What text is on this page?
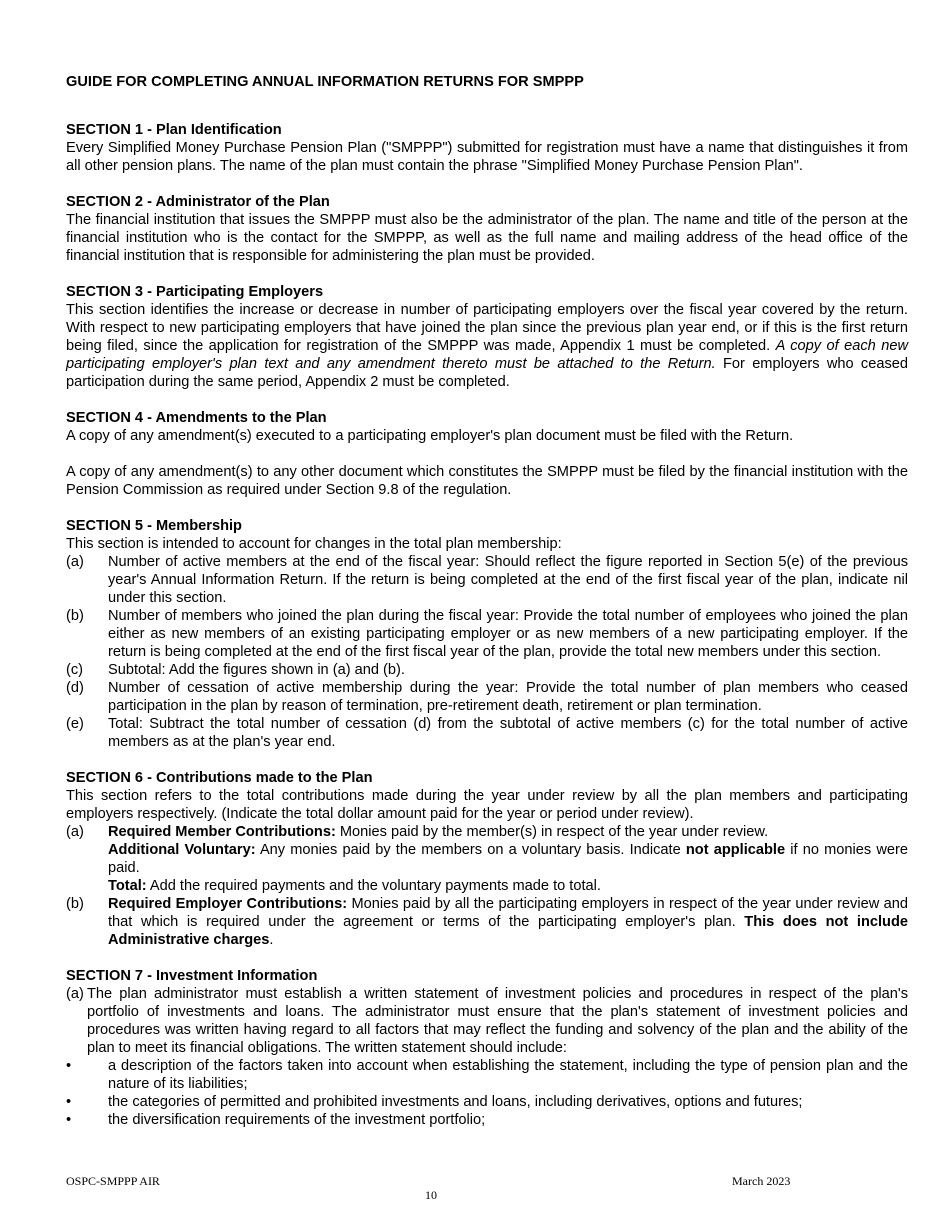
GUIDE FOR COMPLETING ANNUAL INFORMATION RETURNS FOR SMPPP
SECTION 1 - Plan Identification

Every Simplified Money Purchase Pension Plan ("SMPPP") submitted for registration must have a name that distinguishes it from all other pension plans. The name of the plan must contain the phrase "Simplified Money Purchase Pension Plan".

SECTION 2 - Administrator of the Plan

The financial institution that issues the SMPPP must also be the administrator of the plan. The name and title of the person at the financial institution who is the contact for the SMPPP, as well as the full name and mailing address of the head office of the financial institution that is responsible for administering the plan must be provided.

SECTION 3 - Participating Employers

This section identifies the increase or decrease in number of participating employers over the fiscal year covered by the return. With respect to new participating employers that have joined the plan since the previous plan year end, or if this is the first return being filed, since the application for registration of the SMPPP was made, Appendix 1 must be completed. A copy of each new participating employer's plan text and any amendment thereto must be attached to the Return. For employers who ceased participation during the same period, Appendix 2 must be completed.

SECTION 4 - Amendments to the Plan

A copy of any amendment(s) executed to a participating employer's plan document must be filed with the Return.

A copy of any amendment(s) to any other document which constitutes the SMPPP must be filed by the financial institution with the Pension Commission as required under Section 9.8 of the regulation.

SECTION 5 - Membership

This section is intended to account for changes in the total plan membership:

(a)	Number of active members at the end of the fiscal year: Should reflect the figure reported in Section 5(e) of the previous year's Annual Information Return. If the return is being completed at the end of the first fiscal year of the plan, indicate nil under this section.
(b)	Number of members who joined the plan during the fiscal year: Provide the total number of employees who joined the plan either as new members of an existing participating employer or as new members of a new participating employer. If the return is being completed at the end of the first fiscal year of the plan, provide the total new members under this section.
(c)	Subtotal: Add the figures shown in (a) and (b).
(d)	Number of cessation of active membership during the year: Provide the total number of plan members who ceased participation in the plan by reason of termination, pre-retirement death, retirement or plan termination.
(e)	Total: Subtract the total number of cessation (d) from the subtotal of active members (c) for the total number of active members as at the plan's year end.
SECTION 6 - Contributions made to the Plan

This section refers to the total contributions made during the year under review by all the plan members and participating employers respectively. (Indicate the total dollar amount paid for the year or period under review).

(a)	Required Member Contributions: Monies paid by the member(s) in respect of the year under review.
Additional Voluntary: Any monies paid by the members on a voluntary basis. Indicate not applicable if no monies were paid.
Total: Add the required payments and the voluntary payments made to total.
(b)	Required Employer Contributions: Monies paid by all the participating employers in respect of the year under review and that which is required under the agreement or terms of the participating employer's plan. This does not include Administrative charges.
SECTION 7 - Investment Information
(a) The plan administrator must establish a written statement of investment policies and procedures in respect of the plan's portfolio of investments and loans. The administrator must ensure that the plan's statement of investment policies and procedures was written having regard to all factors that may reflect the funding and solvency of the plan and the ability of the plan to meet its financial obligations. The written statement should include:
•	a description of the factors taken into account when establishing the statement, including the type of pension plan and the nature of its liabilities;
•	the categories of permitted and prohibited investments and loans, including derivatives, options and futures;
•	the diversification requirements of the investment portfolio;
OSPC-SMPPP AIR	March 2023
10
